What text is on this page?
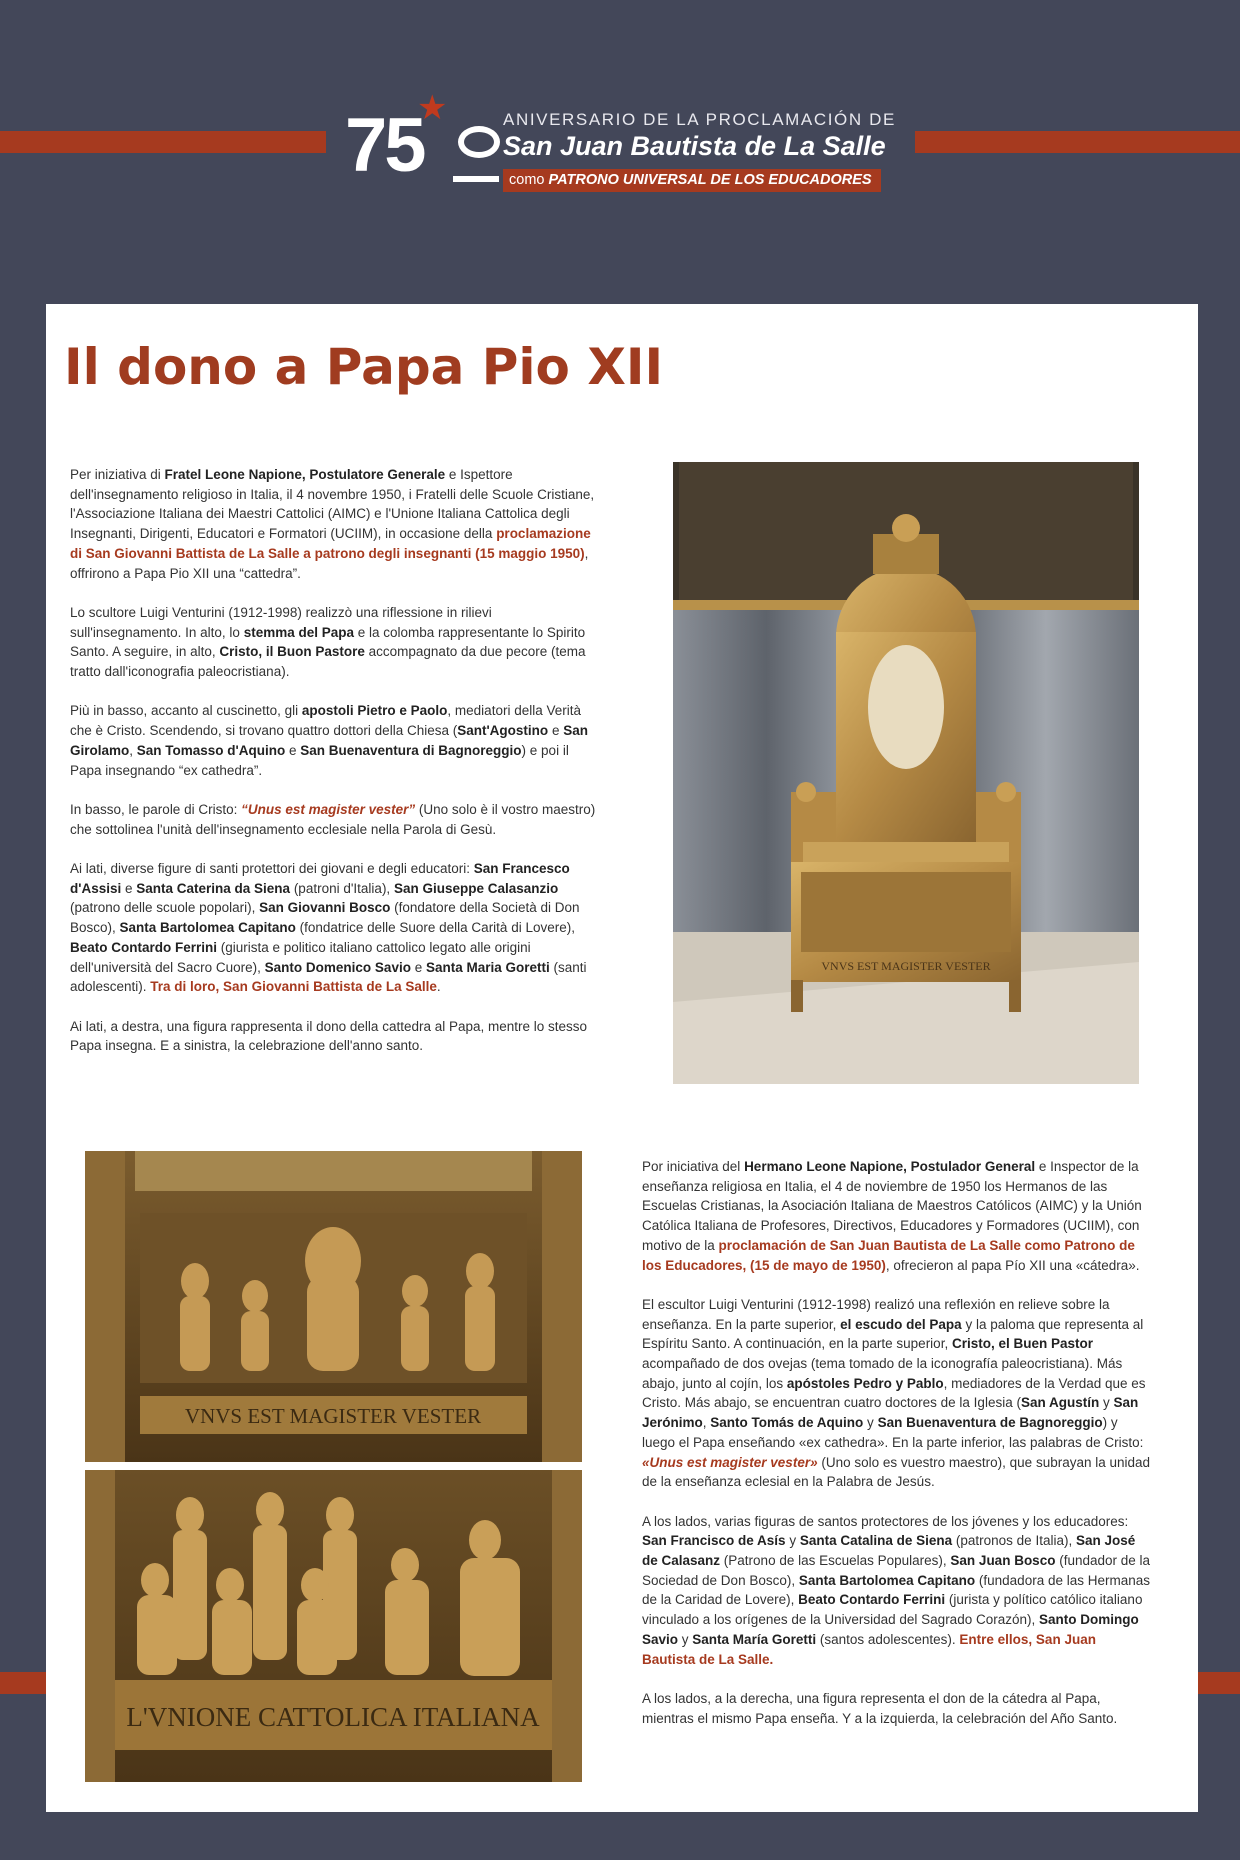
★
75	ANIVERSARIO DE LA PROCLAMACIÓN DE
San Juan Bautista de La Salle
como PATRONO UNIVERSAL DE LOS EDUCADORES
Il dono a Papa Pio XII

Per iniziativa di Fratel Leone Napione, Postulatore Generale e Ispettore dell'insegnamento religioso in Italia, il 4 novembre 1950, i Fratelli delle Scuole Cristiane, l'Associazione Italiana dei Maestri Cattolici (AIMC) e l'Unione Italiana Cattolica degli Insegnanti, Dirigenti, Educatori e Formatori (UCIIM), in occasione della proclamazione di San Giovanni Battista de La Salle a patrono degli insegnanti (15 maggio 1950), offrirono a Papa Pio XII una “cattedra”.

Lo scultore Luigi Venturini (1912-1998) realizzò una riflessione in rilievi sull'insegnamento. In alto, lo stemma del Papa e la colomba rappresentante lo Spirito Santo. A seguire, in alto, Cristo, il Buon Pastore accompagnato da due pecore (tema tratto dall'iconografia paleocristiana).

Più in basso, accanto al cuscinetto, gli apostoli Pietro e Paolo, mediatori della Verità che è Cristo. Scendendo, si trovano quattro dottori della Chiesa (Sant'Agostino e San Girolamo, San Tomasso d'Aquino e San Buenaventura di Bagnoreggio) e poi il Papa insegnando “ex cathedra”.

In basso, le parole di Cristo: “Unus est magister vester” (Uno solo è il vostro maestro) che sottolinea l'unità dell'insegnamento ecclesiale nella Parola di Gesù.

Ai lati, diverse figure di santi protettori dei giovani e degli educatori: San Francesco d'Assisi e Santa Caterina da Siena (patroni d'Italia), San Giuseppe Calasanzio (patrono delle scuole popolari), San Giovanni Bosco (fondatore della Società di Don Bosco), Santa Bartolomea Capitano (fondatrice delle Suore della Carità di Lovere), Beato Contardo Ferrini (giurista e politico italiano cattolico legato alle origini dell'università del Sacro Cuore), Santo Domenico Savio e Santa Maria Goretti (santi adolescenti). Tra di loro, San Giovanni Battista de La Salle.

Ai lati, a destra, una figura rappresenta il dono della cattedra al Papa, mentre lo stesso Papa insegna. E a sinistra, la celebrazione dell'anno santo.

Por iniciativa del Hermano Leone Napione, Postulador General e Inspector de la enseñanza religiosa en Italia, el 4 de noviembre de 1950 los Hermanos de las Escuelas Cristianas, la Asociación Italiana de Maestros Católicos (AIMC) y la Unión Católica Italiana de Profesores, Directivos, Educadores y Formadores (UCIIM), con motivo de la proclamación de San Juan Bautista de La Salle como Patrono de los Educadores, (15 de mayo de 1950), ofrecieron al papa Pío XII una «cátedra».

El escultor Luigi Venturini (1912-1998) realizó una reflexión en relieve sobre la enseñanza. En la parte superior, el escudo del Papa y la paloma que representa al Espíritu Santo. A continuación, en la parte superior, Cristo, el Buen Pastor acompañado de dos ovejas (tema tomado de la iconografía paleocristiana). Más abajo, junto al cojín, los apóstoles Pedro y Pablo, mediadores de la Verdad que es Cristo. Más abajo, se encuentran cuatro doctores de la Iglesia (San Agustín y San Jerónimo, Santo Tomás de Aquino y San Buenaventura de Bagnoreggio) y luego el Papa enseñando «ex cathedra». En la parte inferior, las palabras de Cristo: «Unus est magister vester» (Uno solo es vuestro maestro), que subrayan la unidad de la enseñanza eclesial en la Palabra de Jesús.

A los lados, varias figuras de santos protectores de los jóvenes y los educadores: San Francisco de Asís y Santa Catalina de Siena (patronos de Italia), San José de Calasanz (Patrono de las Escuelas Populares), San Juan Bosco (fundador de la Sociedad de Don Bosco), Santa Bartolomea Capitano (fundadora de las Hermanas de la Caridad de Lovere), Beato Contardo Ferrini (jurista y político católico italiano vinculado a los orígenes de la Universidad del Sagrado Corazón), Santo Domingo Savio y Santa María Goretti (santos adolescentes). Entre ellos, San Juan Bautista de La Salle.

A los lados, a la derecha, una figura representa el don de la cátedra al Papa, mientras el mismo Papa enseña. Y a la izquierda, la celebración del Año Santo.

VNVS EST MAGISTER VESTER
VNVS EST MAGISTER VESTER
L'VNIONE CATTOLICA ITALIANA
